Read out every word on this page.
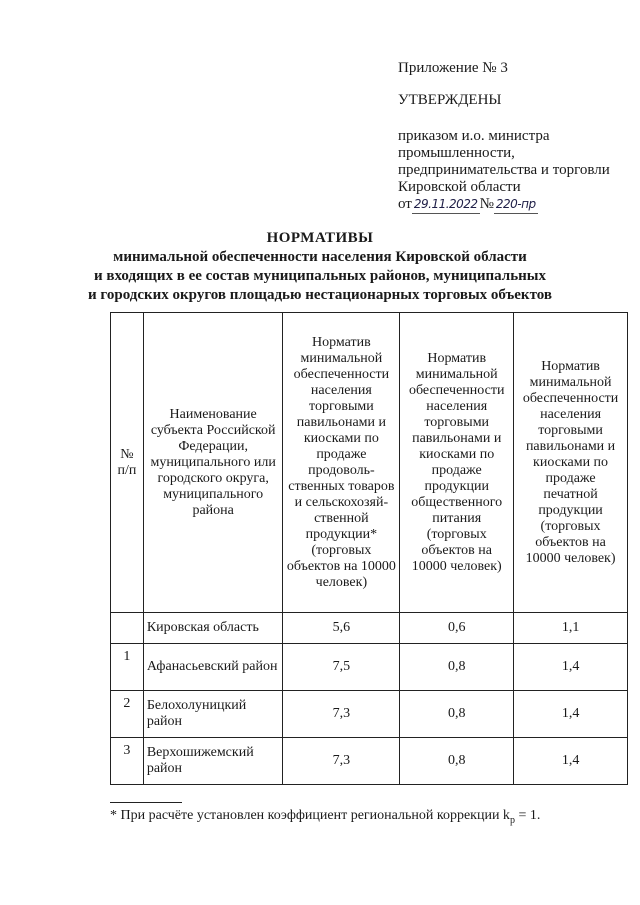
Приложение № 3

УТВЕРЖДЕНЫ

приказом и.о. министра

промышленности,

предпринимательства и торговли

Кировской области

от 29.11.2022 № 220-пр
НОРМАТИВЫ
минимальной обеспеченности населения Кировской области
и входящих в ее состав муниципальных районов, муниципальных
и городских округов площадью нестационарных торговых объектов
№ п/п	Наименование субъекта Российской Федерации, муниципального или городского округа, муниципального района	Норматив минимальной обеспеченности населения торговыми павильонами и киосками по продаже продоволь-ственных товаров и сельскохозяй-ственной продукции* (торговых объектов на 10000 человек)	Норматив минимальной обеспеченности населения торговыми павильонами и киосками по продаже продукции общественного питания (торговых объектов на 10000 человек)	Норматив минимальной обеспеченности населения торговыми павильонами и киосками по продаже печатной продукции (торговых объектов на 10000 человек)
	Кировская область	5,6	0,6	1,1
1	Афанасьевский район	7,5	0,8	1,4
2	Белохолуницкий район	7,3	0,8	1,4
3	Верхошижемский район	7,3	0,8	1,4
* При расчёте установлен коэффициент региональной коррекции $k_р = 1$.
